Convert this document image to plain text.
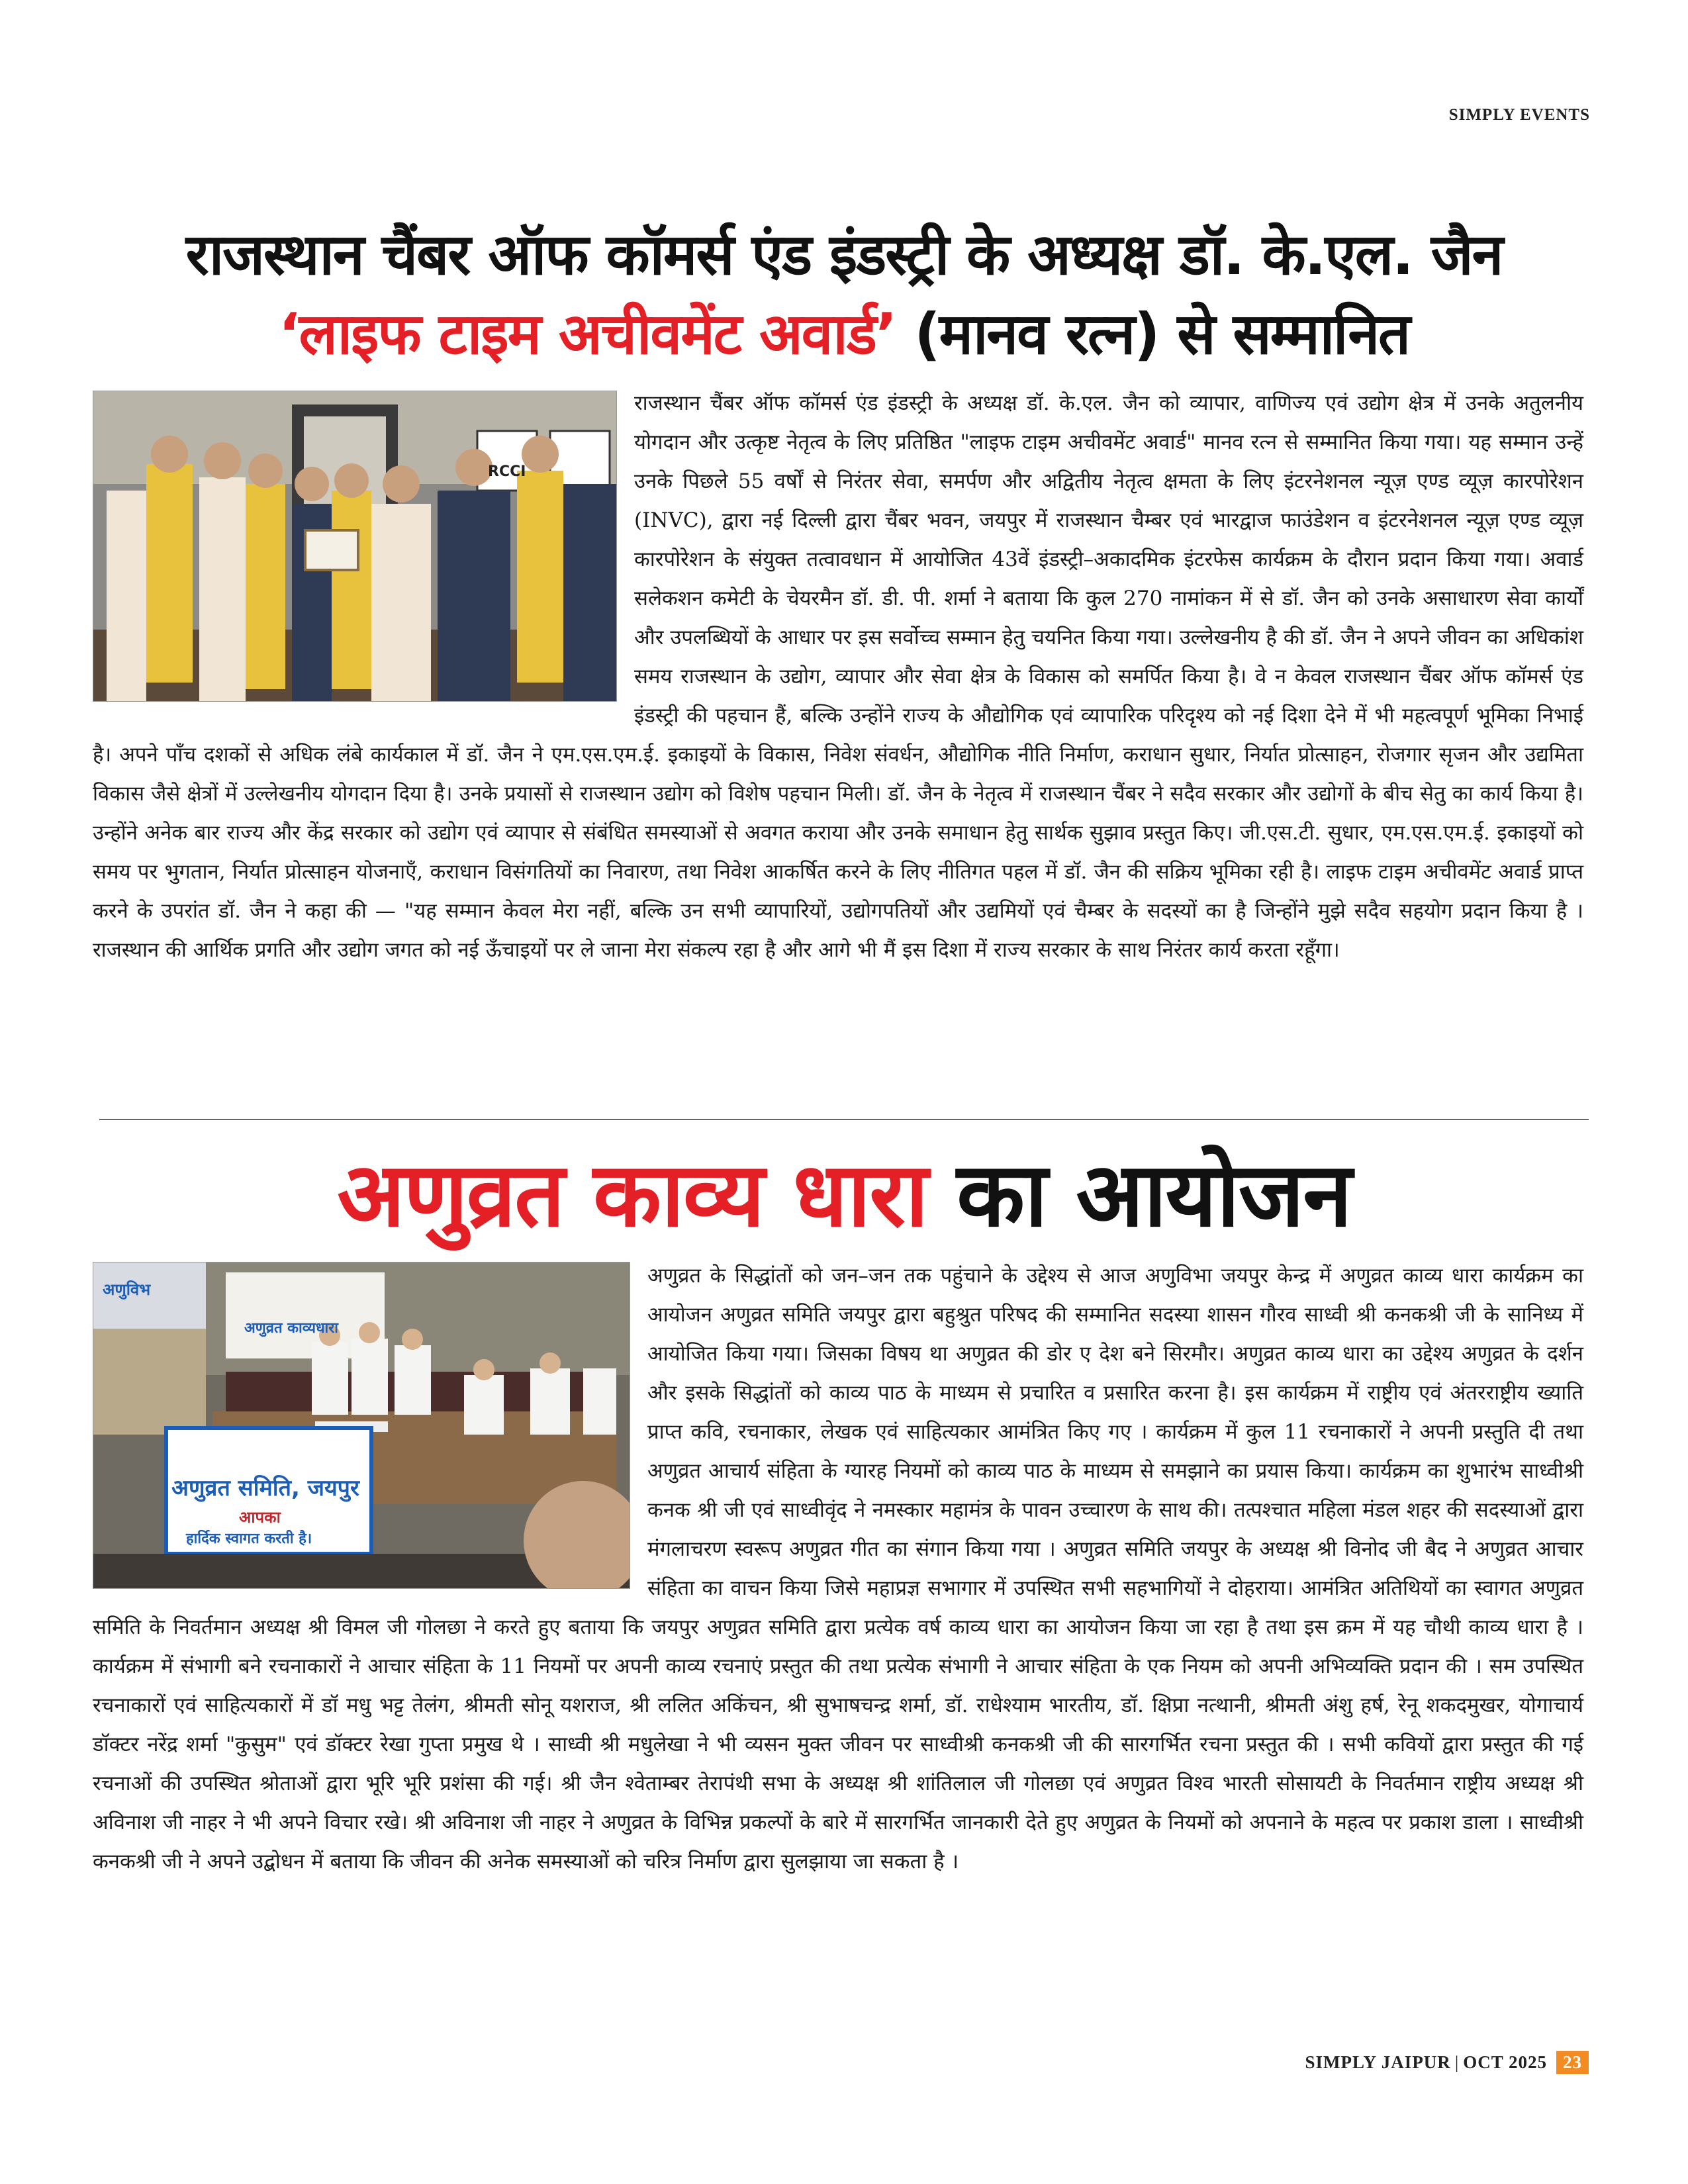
SIMPLY EVENTS
राजस्थान चैंबर ऑफ कॉमर्स एंड इंडस्ट्री के अध्यक्ष डॉ. के.एल. जैन
‘लाइफ टाइम अचीवमेंट अवार्ड’ (मानव रत्न) से सम्मानित
RCCI
राजस्थान चैंबर ऑफ कॉमर्स एंड इंडस्ट्री के अध्यक्ष डॉ. के.एल. जैन को व्यापार, वाणिज्य एवं उद्योग क्षेत्र में उनके अतुलनीय योगदान और उत्कृष्ट नेतृत्व के लिए प्रतिष्ठित "लाइफ टाइम अचीवमेंट अवार्ड" मानव रत्न से सम्मानित किया गया। यह सम्मान उन्हें उनके पिछले 55 वर्षों से निरंतर सेवा, समर्पण और अद्वितीय नेतृत्व क्षमता के लिए इंटरनेशनल न्यूज़ एण्ड व्यूज़ कारपोरेशन (INVC), द्वारा नई दिल्ली द्वारा चैंबर भवन, जयपुर में राजस्थान चैम्बर एवं भारद्वाज फाउंडेशन व इंटरनेशनल न्यूज़ एण्ड व्यूज़ कारपोरेशन के संयुक्त तत्वावधान में आयोजित 43वें इंडस्ट्री–अकादमिक इंटरफेस कार्यक्रम के दौरान प्रदान किया गया। अवार्ड सलेकशन कमेटी के चेयरमैन डॉ. डी. पी. शर्मा ने बताया कि कुल 270 नामांकन में से डॉ. जैन को उनके असाधारण सेवा कार्यों और उपलब्धियों के आधार पर इस सर्वोच्च सम्मान हेतु चयनित किया गया। उल्लेखनीय है की डॉ. जैन ने अपने जीवन का अधिकांश समय राजस्थान के उद्योग, व्यापार और सेवा क्षेत्र के विकास को समर्पित किया है। वे न केवल राजस्थान चैंबर ऑफ कॉमर्स एंड इंडस्ट्री की पहचान हैं, बल्कि उन्होंने राज्य के औद्योगिक एवं व्यापारिक परिदृश्य को नई दिशा देने में भी महत्वपूर्ण भूमिका निभाई है। अपने पाँच दशकों से अधिक लंबे कार्यकाल में डॉ. जैन ने एम.एस.एम.ई. इकाइयों के विकास, निवेश संवर्धन, औद्योगिक नीति निर्माण, कराधान सुधार, निर्यात प्रोत्साहन, रोजगार सृजन और उद्यमिता विकास जैसे क्षेत्रों में उल्लेखनीय योगदान दिया है। उनके प्रयासों से राजस्थान उद्योग को विशेष पहचान मिली। डॉ. जैन के नेतृत्व में राजस्थान चैंबर ने सदैव सरकार और उद्योगों के बीच सेतु का कार्य किया है। उन्होंने अनेक बार राज्य और केंद्र सरकार को उद्योग एवं व्यापार से संबंधित समस्याओं से अवगत कराया और उनके समाधान हेतु सार्थक सुझाव प्रस्तुत किए। जी.एस.टी. सुधार, एम.एस.एम.ई. इकाइयों को समय पर भुगतान, निर्यात प्रोत्साहन योजनाएँ, कराधान विसंगतियों का निवारण, तथा निवेश आकर्षित करने के लिए नीतिगत पहल में डॉ. जैन की सक्रिय भूमिका रही है। लाइफ टाइम अचीवमेंट अवार्ड प्राप्त करने के उपरांत डॉ. जैन ने कहा की — "यह सम्मान केवल मेरा नहीं, बल्कि उन सभी व्यापारियों, उद्योगपतियों और उद्यमियों एवं चैम्बर के सदस्यों का है जिन्होंने मुझे सदैव सहयोग प्रदान किया है । राजस्थान की आर्थिक प्रगति और उद्योग जगत को नई ऊँचाइयों पर ले जाना मेरा संकल्प रहा है और आगे भी मैं इस दिशा में राज्य सरकार के साथ निरंतर कार्य करता रहूँगा।
अणुव्रत काव्य धारा का आयोजन
अणुव्रत समिति, जयपुर
आपका
हार्दिक स्वागत करती है।
अणुव्रत काव्यधारा
अणुविभ
अणुव्रत के सिद्धांतों को जन–जन तक पहुंचाने के उद्देश्य से आज अणुविभा जयपुर केन्द्र में अणुव्रत काव्य धारा कार्यक्रम का आयोजन अणुव्रत समिति जयपुर द्वारा बहुश्रुत परिषद की सम्मानित सदस्या शासन गौरव साध्वी श्री कनकश्री जी के सानिध्य में आयोजित किया गया। जिसका विषय था अणुव्रत की डोर ए देश बने सिरमौर। अणुव्रत काव्य धारा का उद्देश्य अणुव्रत के दर्शन और इसके सिद्धांतों को काव्य पाठ के माध्यम से प्रचारित व प्रसारित करना है। इस कार्यक्रम में राष्ट्रीय एवं अंतरराष्ट्रीय ख्याति प्राप्त कवि, रचनाकार, लेखक एवं साहित्यकार आमंत्रित किए गए । कार्यक्रम में कुल 11 रचनाकारों ने अपनी प्रस्तुति दी तथा अणुव्रत आचार्य संहिता के ग्यारह नियमों को काव्य पाठ के माध्यम से समझाने का प्रयास किया। कार्यक्रम का शुभारंभ साध्वीश्री कनक श्री जी एवं साध्वीवृंद ने नमस्कार महामंत्र के पावन उच्चारण के साथ की। तत्पश्चात महिला मंडल शहर की सदस्याओं द्वारा मंगलाचरण स्वरूप अणुव्रत गीत का संगान किया गया । अणुव्रत समिति जयपुर के अध्यक्ष श्री विनोद जी बैद ने अणुव्रत आचार संहिता का वाचन किया जिसे महाप्रज्ञ सभागार में उपस्थित सभी सहभागियों ने दोहराया। आमंत्रित अतिथियों का स्वागत अणुव्रत समिति के निवर्तमान अध्यक्ष श्री विमल जी गोलछा ने करते हुए बताया कि जयपुर अणुव्रत समिति द्वारा प्रत्येक वर्ष काव्य धारा का आयोजन किया जा रहा है तथा इस क्रम में यह चौथी काव्य धारा है । कार्यक्रम में संभागी बने रचनाकारों ने आचार संहिता के 11 नियमों पर अपनी काव्य रचनाएं प्रस्तुत की तथा प्रत्येक संभागी ने आचार संहिता के एक नियम को अपनी अभिव्यक्ति प्रदान की । सम उपस्थित रचनाकारों एवं साहित्यकारों में डॉ मधु भट्ट तेलंग, श्रीमती सोनू यशराज, श्री ललित अकिंचन, श्री सुभाषचन्द्र शर्मा, डॉ. राधेश्याम भारतीय, डॉ. क्षिप्रा नत्थानी, श्रीमती अंशु हर्ष, रेनू शकदमुखर, योगाचार्य डॉक्टर नरेंद्र शर्मा "कुसुम" एवं डॉक्टर रेखा गुप्ता प्रमुख थे । साध्वी श्री मधुलेखा ने भी व्यसन मुक्त जीवन पर साध्वीश्री कनकश्री जी की सारगर्भित रचना प्रस्तुत की । सभी कवियों द्वारा प्रस्तुत की गई रचनाओं की उपस्थित श्रोताओं द्वारा भूरि भूरि प्रशंसा की गई। श्री जैन श्वेताम्बर तेरापंथी सभा के अध्यक्ष श्री शांतिलाल जी गोलछा एवं अणुव्रत विश्व भारती सोसायटी के निवर्तमान राष्ट्रीय अध्यक्ष श्री अविनाश जी नाहर ने भी अपने विचार रखे। श्री अविनाश जी नाहर ने अणुव्रत के विभिन्न प्रकल्पों के बारे में सारगर्भित जानकारी देते हुए अणुव्रत के नियमों को अपनाने के महत्व पर प्रकाश डाला । साध्वीश्री कनकश्री जी ने अपने उद्बोधन में बताया कि जीवन की अनेक समस्याओं को चरित्र निर्माण द्वारा सुलझाया जा सकता है ।
SIMPLY JAIPUR | OCT 2025 23
